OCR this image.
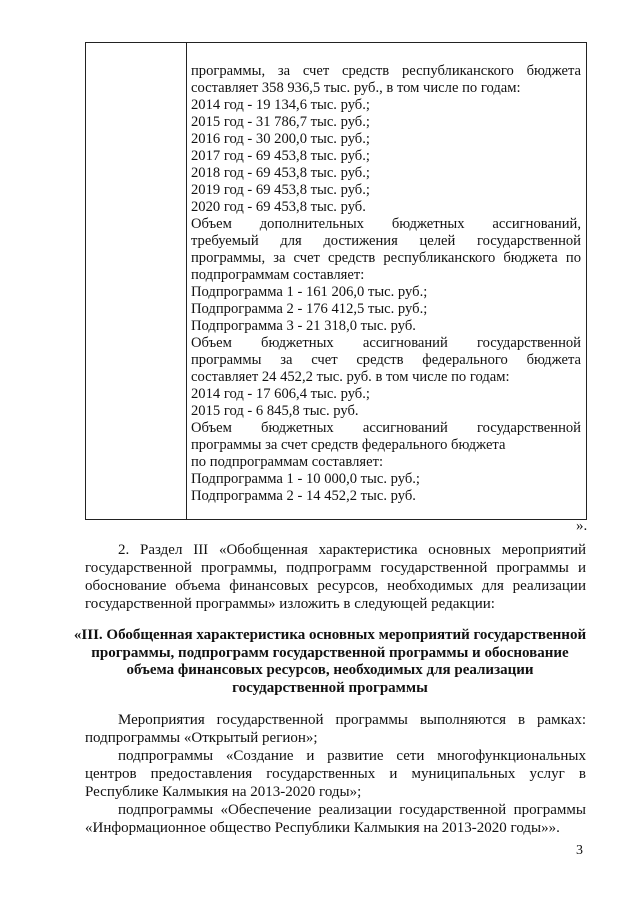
программы, за счет средств республиканского бюджета
составляет 358 936,5 тыс. руб., в том числе по годам:
2014 год - 19 134,6 тыс. руб.;
2015 год - 31 786,7 тыс. руб.;
2016 год - 30 200,0 тыс. руб.;
2017 год - 69 453,8 тыс. руб.;
2018 год - 69 453,8 тыс. руб.;
2019 год - 69 453,8 тыс. руб.;
2020 год - 69 453,8 тыс. руб.
Объем дополнительных бюджетных ассигнований,
требуемый для достижения целей государственной
программы, за счет средств республиканского бюджета по
подпрограммам составляет:
Подпрограмма 1 - 161 206,0 тыс. руб.;
Подпрограмма 2 - 176 412,5 тыс. руб.;
Подпрограмма 3 - 21 318,0 тыс. руб.
Объем бюджетных ассигнований государственной
программы за счет средств федерального бюджета
составляет 24 452,2 тыс. руб. в том числе по годам:
2014 год - 17 606,4 тыс. руб.;
2015 год - 6 845,8 тыс. руб.
Объем бюджетных ассигнований государственной
программы за счет средств федерального бюджета
по подпрограммам составляет:
Подпрограмма 1 - 10 000,0 тыс. руб.;
Подпрограмма 2 - 14 452,2 тыс. руб.
».
2. Раздел III «Обобщенная характеристика основных мероприятий
государственной программы, подпрограмм государственной программы и
обоснование объема финансовых ресурсов, необходимых для реализации
государственной программы» изложить в следующей редакции:
«III. Обобщенная характеристика основных мероприятий государственной
программы, подпрограмм государственной программы и обоснование
объема финансовых ресурсов, необходимых для реализации
государственной программы
Мероприятия государственной программы выполняются в рамках:
подпрограммы «Открытый регион»;
подпрограммы «Создание и развитие сети многофункциональных
центров предоставления государственных и муниципальных услуг в
Республике Калмыкия на 2013-2020 годы»;
подпрограммы «Обеспечение реализации государственной программы
«Информационное общество Республики Калмыкия на 2013-2020 годы»».
3
